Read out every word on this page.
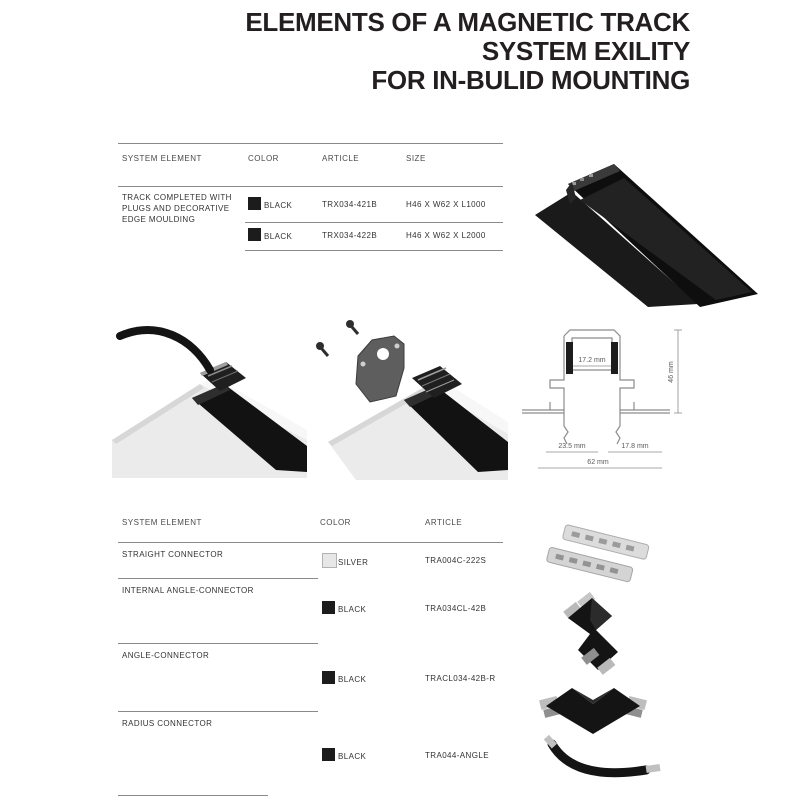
ELEMENTS OF A MAGNETIC TRACK
SYSTEM EXILITY
FOR IN-BULID MOUNTING
SYSTEM ELEMENT	COLOR	ARTICLE	SIZE
TRACK COMPLETED WITH
PLUGS AND DECORATIVE
EDGE MOULDING
BLACK	TRX034-421B	H46 X W62 X L1000
BLACK	TRX034-422B	H46 X W62 X L2000
17.2 mm
46 mm
23.5 mm	17.8 mm
62 mm
SYSTEM ELEMENT	COLOR	ARTICLE
STRAIGHT CONNECTOR
SILVER	TRA004C-222S
INTERNAL ANGLE-CONNECTOR
BLACK	TRA034CL-42B
ANGLE-CONNECTOR
BLACK	TRACL034-42B-R
RADIUS CONNECTOR
BLACK	TRA044-ANGLE
